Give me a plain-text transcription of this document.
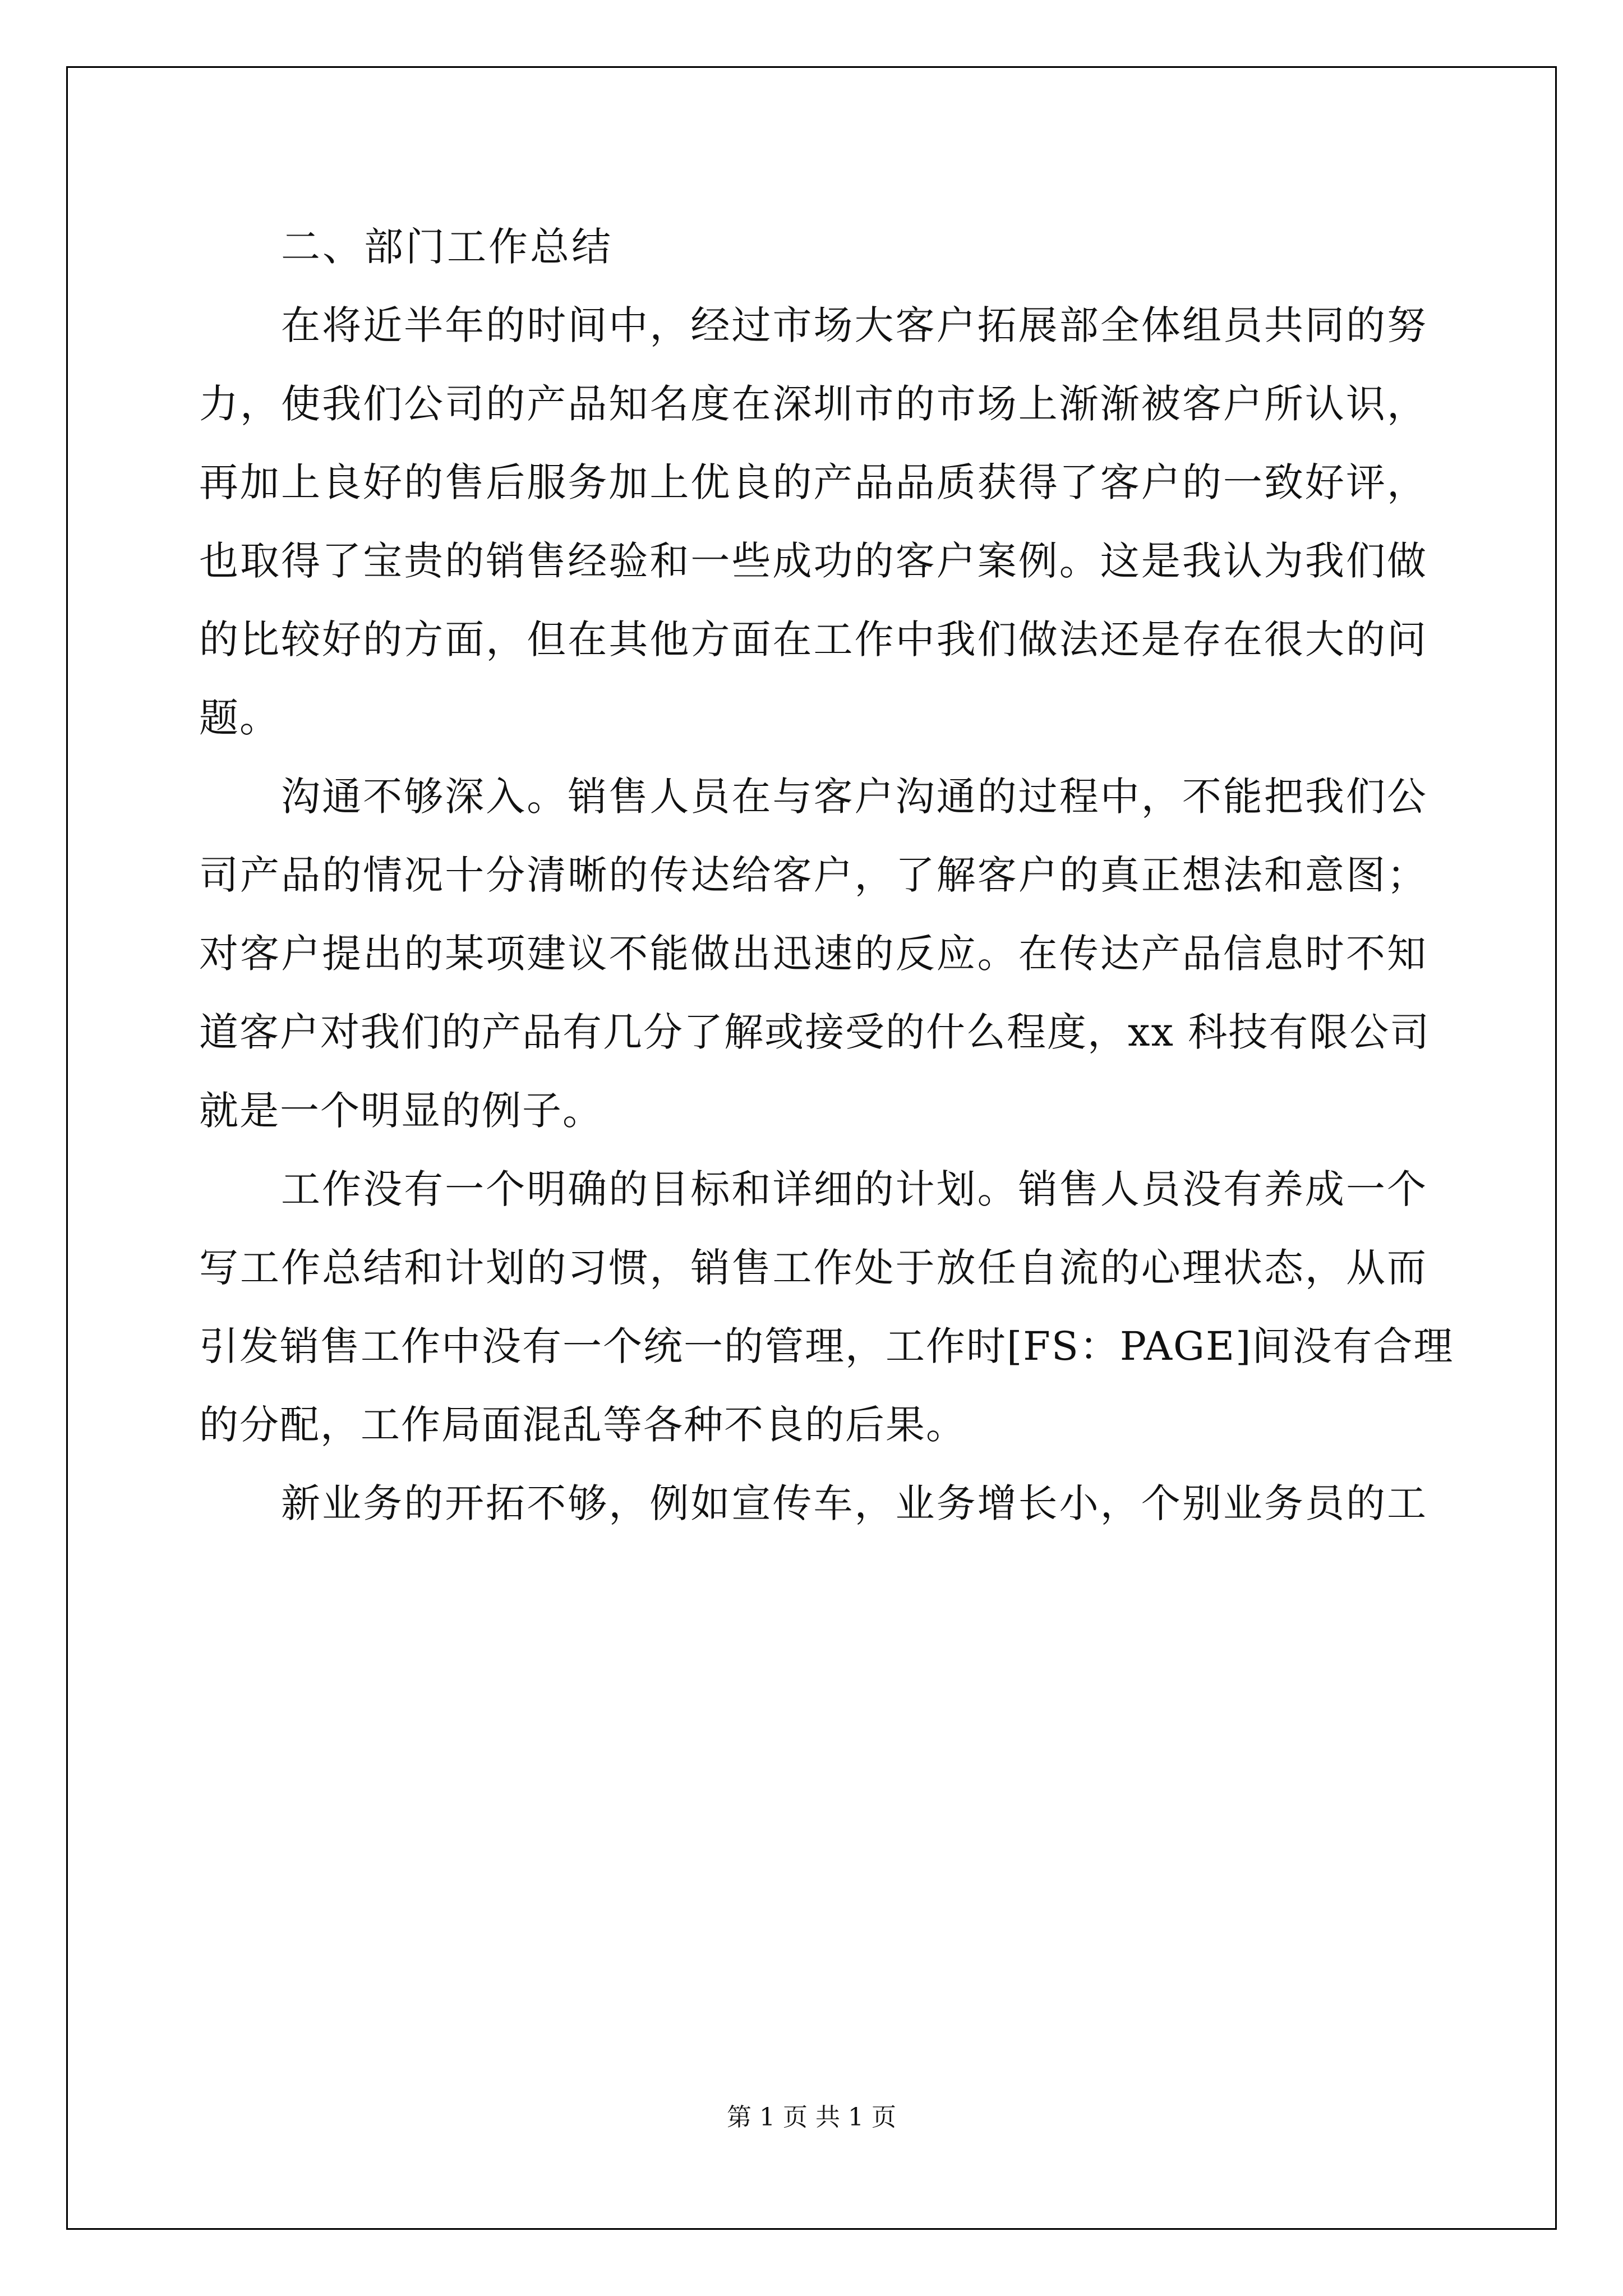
二、部门工作总结
在将近半年的时间中，经过市场大客户拓展部全体组员共同的努
力，使我们公司的产品知名度在深圳市的市场上渐渐被客户所认识，
再加上良好的售后服务加上优良的产品品质获得了客户的一致好评，
也取得了宝贵的销售经验和一些成功的客户案例。这是我认为我们做
的比较好的方面，但在其他方面在工作中我们做法还是存在很大的问
题。
沟通不够深入。销售人员在与客户沟通的过程中，不能把我们公
司产品的情况十分清晰的传达给客户，了解客户的真正想法和意图；
对客户提出的某项建议不能做出迅速的反应。在传达产品信息时不知
道客户对我们的产品有几分了解或接受的什么程度，xx 科技有限公司
就是一个明显的例子。
工作没有一个明确的目标和详细的计划。销售人员没有养成一个
写工作总结和计划的习惯，销售工作处于放任自流的心理状态，从而
引发销售工作中没有一个统一的管理，工作时[FS：PAGE]间没有合理
的分配，工作局面混乱等各种不良的后果。
新业务的开拓不够，例如宣传车，业务增长小，个别业务员的工
第 1 页 共 1 页
